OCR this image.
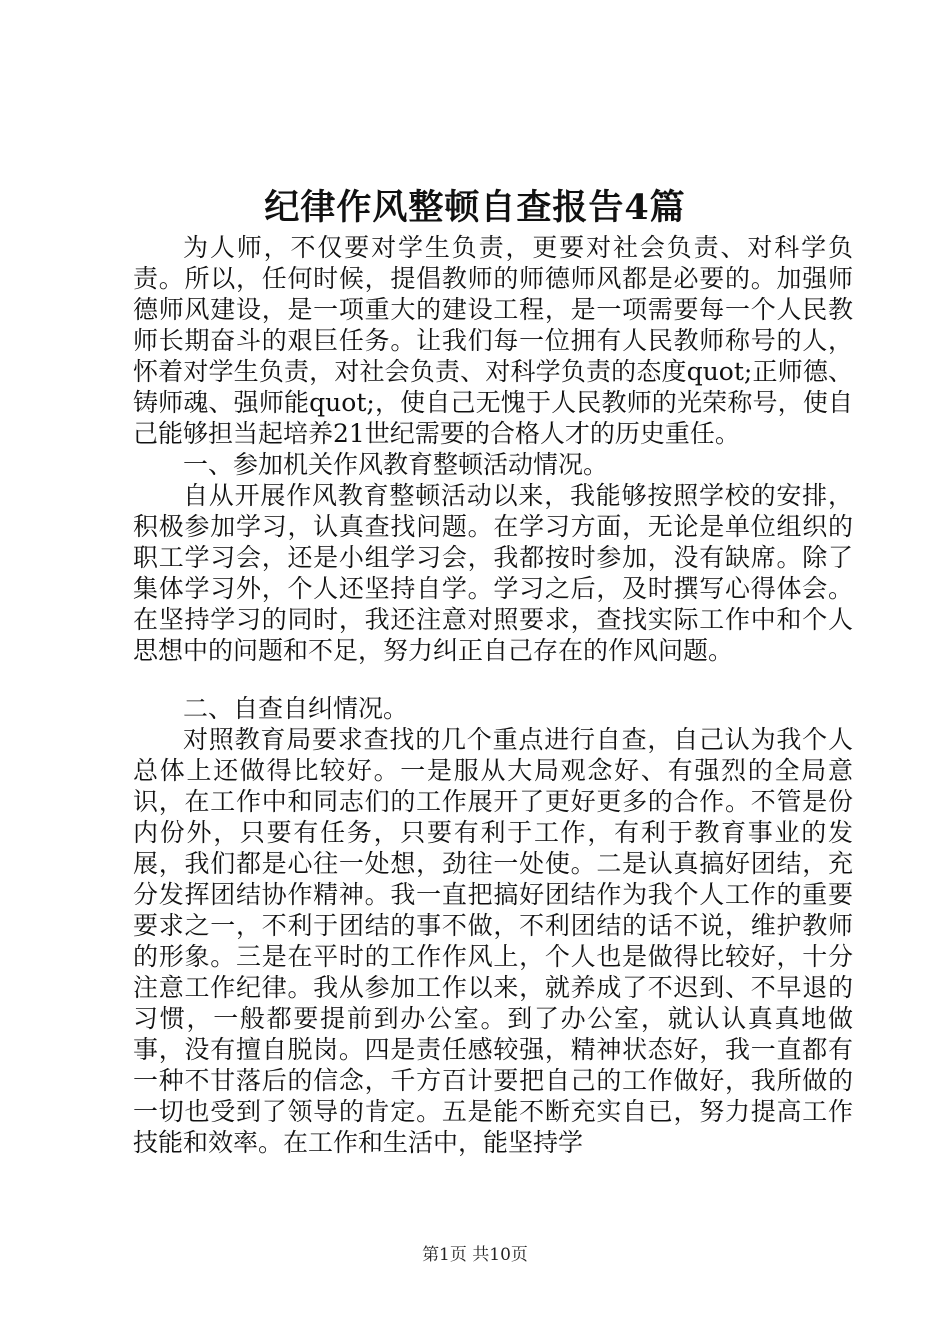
纪律作风整顿自查报告4篇

为人师，不仅要对学生负责，更要对社会负责、对科学负责。所以，任何时候，提倡教师的师德师风都是必要的。加强师德师风建设，是一项重大的建设工程，是一项需要每一个人民教师长期奋斗的艰巨任务。让我们每一位拥有人民教师称号的人，怀着对学生负责，对社会负责、对科学负责的态度quot;正师德、铸师魂、强师能quot;，使自己无愧于人民教师的光荣称号，使自己能够担当起培养21世纪需要的合格人才的历史重任。

一、参加机关作风教育整顿活动情况。

自从开展作风教育整顿活动以来，我能够按照学校的安排，积极参加学习，认真查找问题。在学习方面，无论是单位组织的职工学习会，还是小组学习会，我都按时参加，没有缺席。除了集体学习外，个人还坚持自学。学习之后，及时撰写心得体会。在坚持学习的同时，我还注意对照要求，查找实际工作中和个人思想中的问题和不足，努力纠正自己存在的作风问题。

二、自查自纠情况。

对照教育局要求查找的几个重点进行自查，自己认为我个人总体上还做得比较好。一是服从大局观念好、有强烈的全局意识，在工作中和同志们的工作展开了更好更多的合作。不管是份内份外，只要有任务，只要有利于工作，有利于教育事业的发展，我们都是心往一处想，劲往一处使。二是认真搞好团结，充分发挥团结协作精神。我一直把搞好团结作为我个人工作的重要要求之一，不利于团结的事不做，不利团结的话不说，维护教师的形象。三是在平时的工作作风上，个人也是做得比较好，十分注意工作纪律。我从参加工作以来，就养成了不迟到、不早退的习惯，一般都要提前到办公室。到了办公室，就认认真真地做事，没有擅自脱岗。四是责任感较强，精神状态好，我一直都有一种不甘落后的信念，千方百计要把自己的工作做好，我所做的一切也受到了领导的肯定。五是能不断充实自已，努力提高工作技能和效率。在工作和生活中，能坚持学

第1页 共10页
